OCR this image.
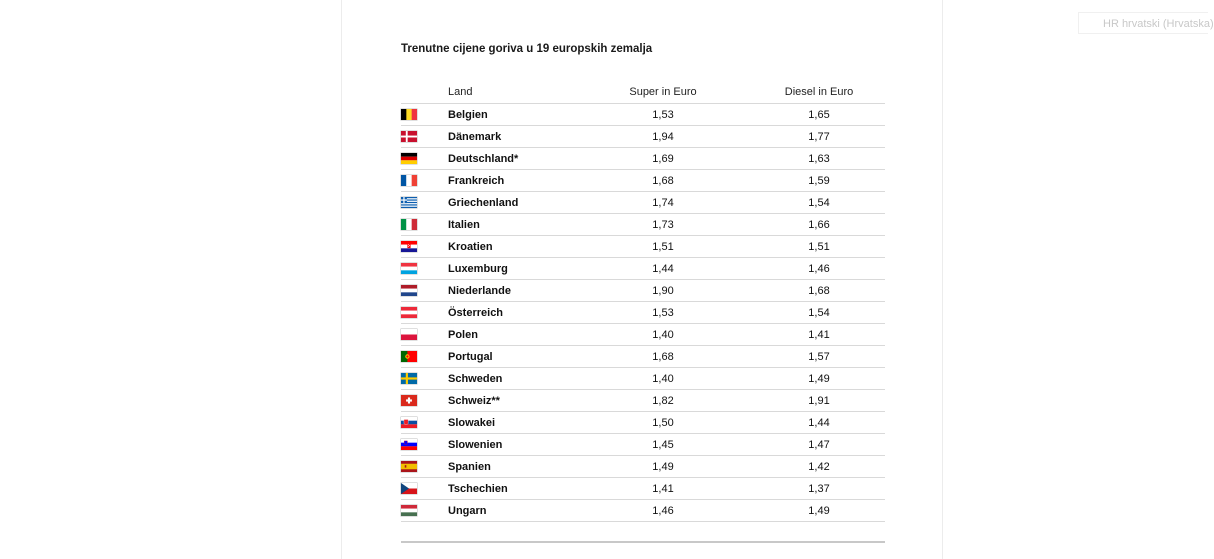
HR hrvatski (Hrvatska)
Trenutne cijene goriva u 19 europskih zemalja
Land	Super in Euro	Diesel in Euro
Belgien	1,53	1,65
Dänemark	1,94	1,77
Deutschland*	1,69	1,63
Frankreich	1,68	1,59
Griechenland	1,74	1,54
Italien	1,73	1,66
Kroatien	1,51	1,51
Luxemburg	1,44	1,46
Niederlande	1,90	1,68
Österreich	1,53	1,54
Polen	1,40	1,41
Portugal	1,68	1,57
Schweden	1,40	1,49
Schweiz**	1,82	1,91
Slowakei	1,50	1,44
Slowenien	1,45	1,47
Spanien	1,49	1,42
Tschechien	1,41	1,37
Ungarn	1,46	1,49
